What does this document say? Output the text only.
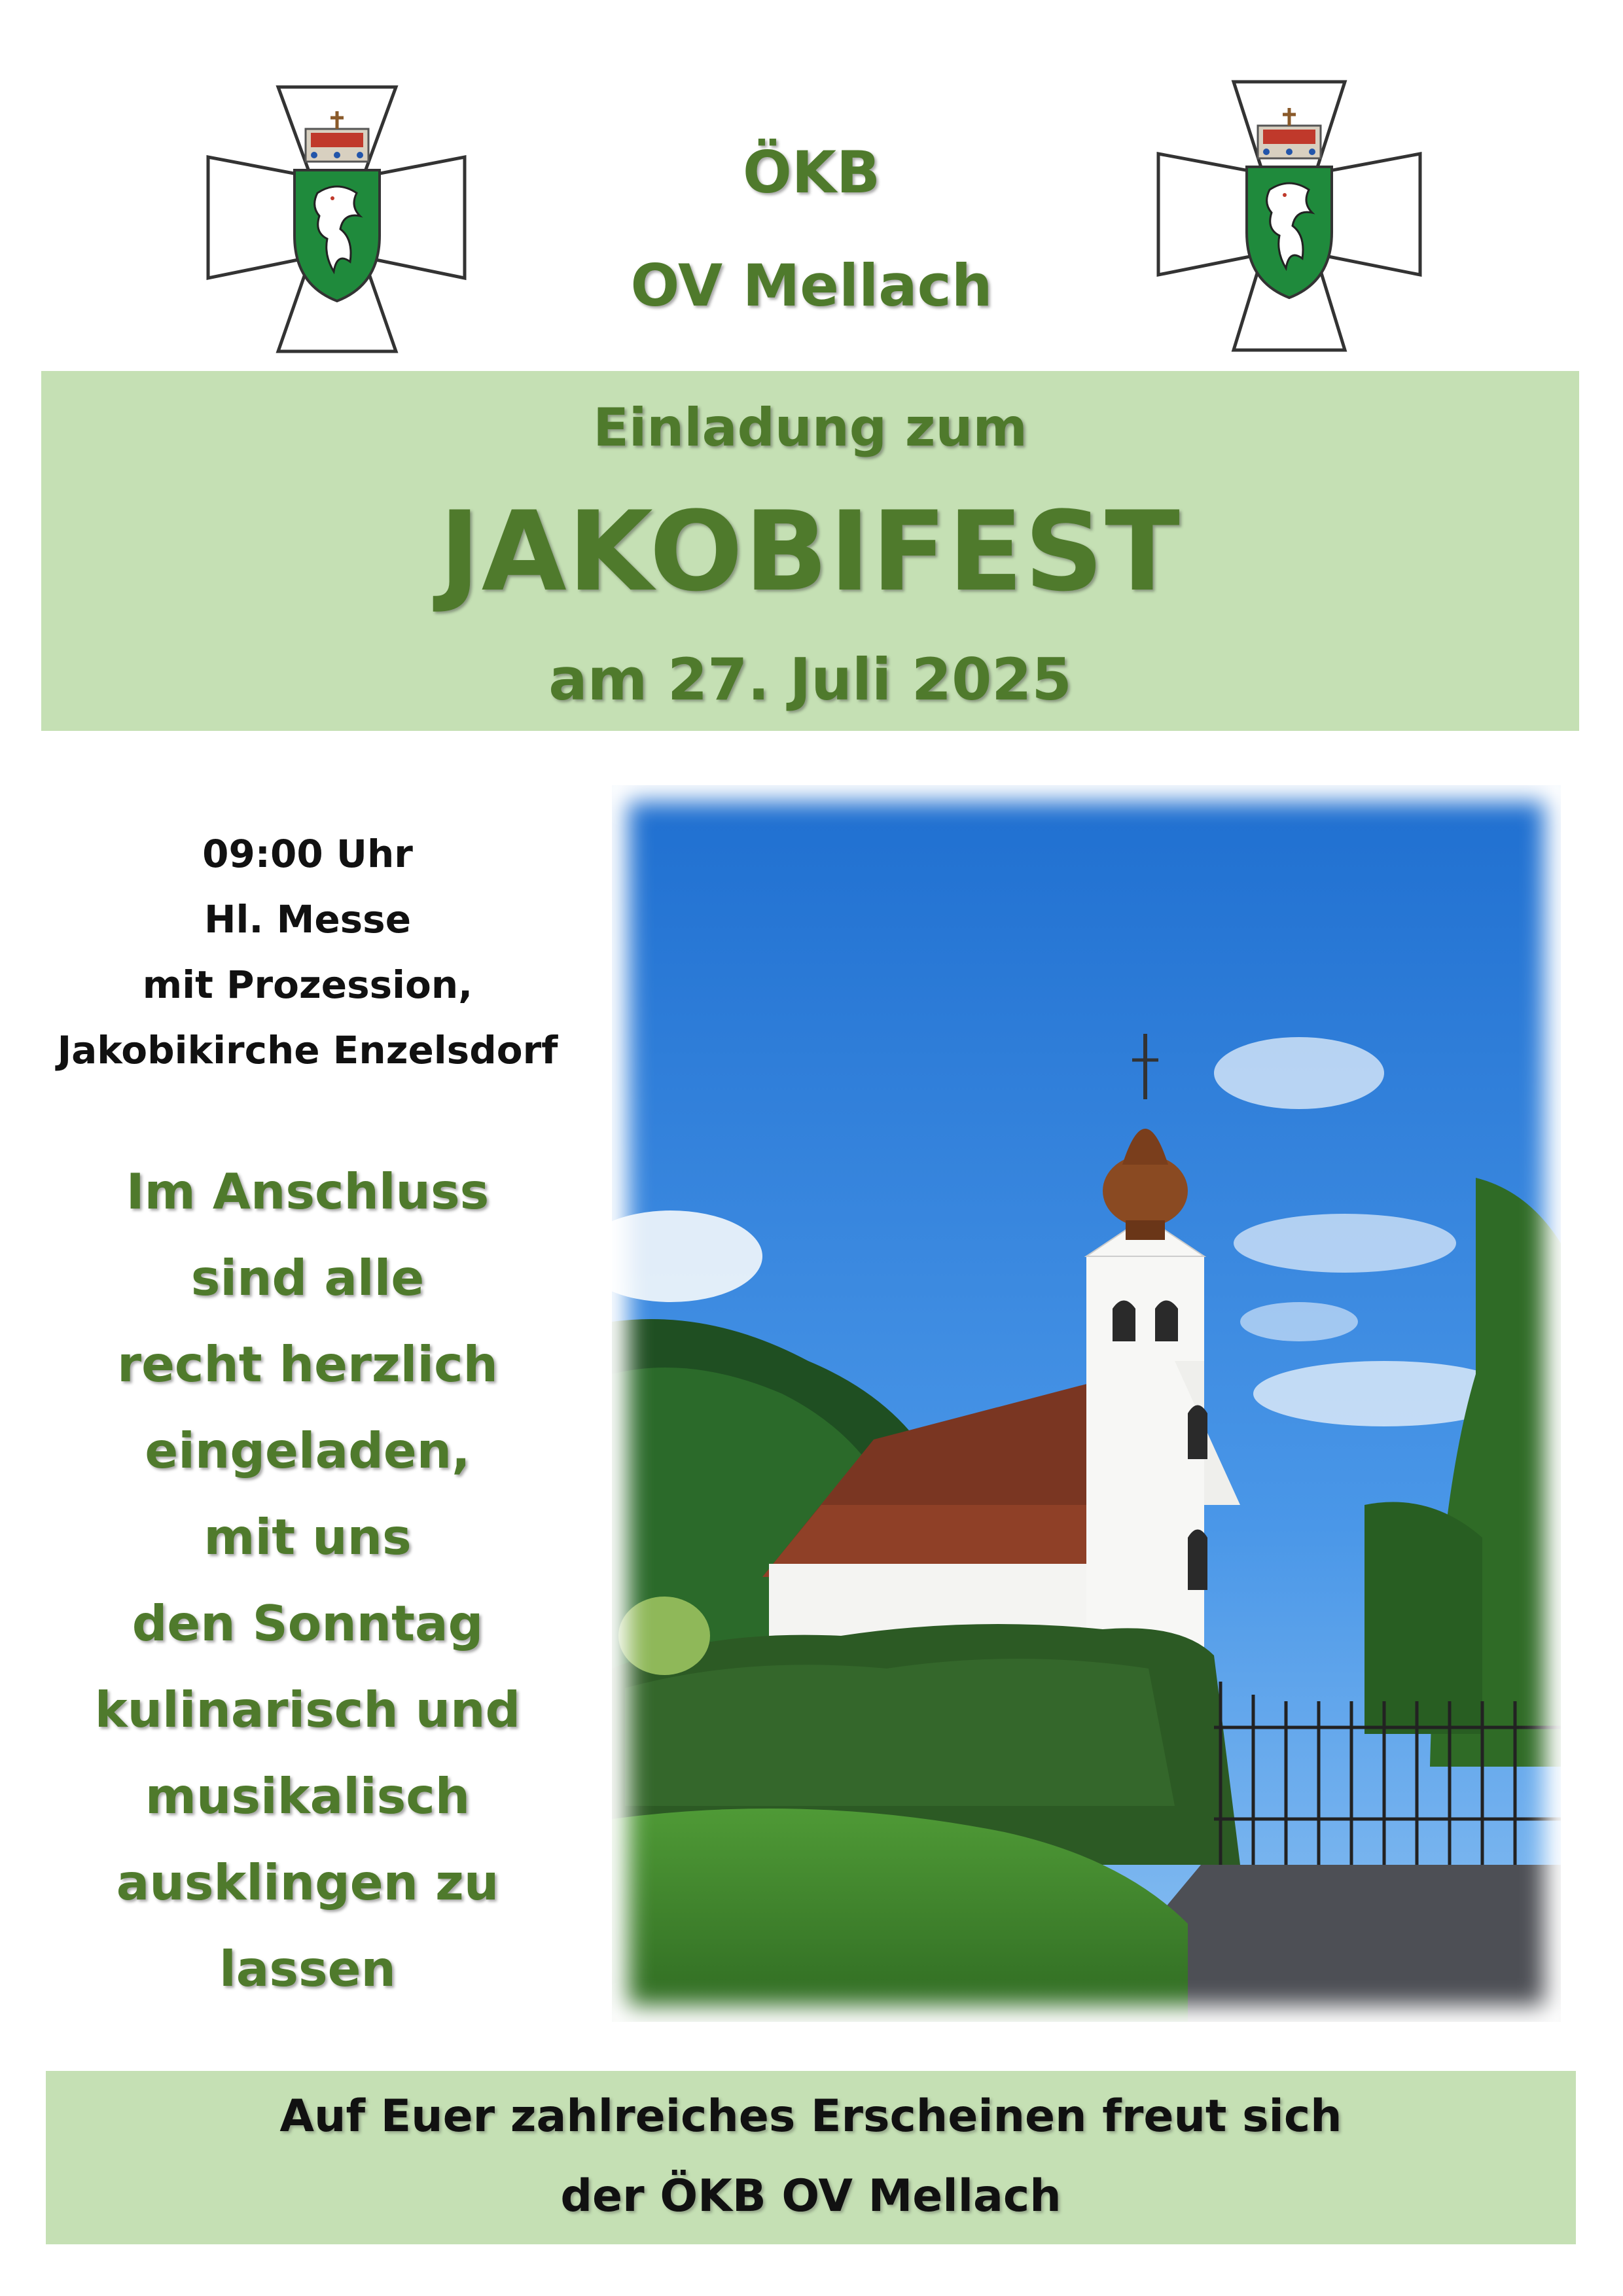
ÖKB
OV Mellach
Einladung zum
JAKOBIFEST
am 27. Juli 2025
09:00 Uhr
Hl. Messe
mit Prozession,
Jakobikirche Enzelsdorf
Im Anschluss
sind alle
recht herzlich
eingeladen,
mit uns
den Sonntag
kulinarisch und
musikalisch
ausklingen zu
lassen
Auf Euer zahlreiches Erscheinen freut sich
der ÖKB OV Mellach
